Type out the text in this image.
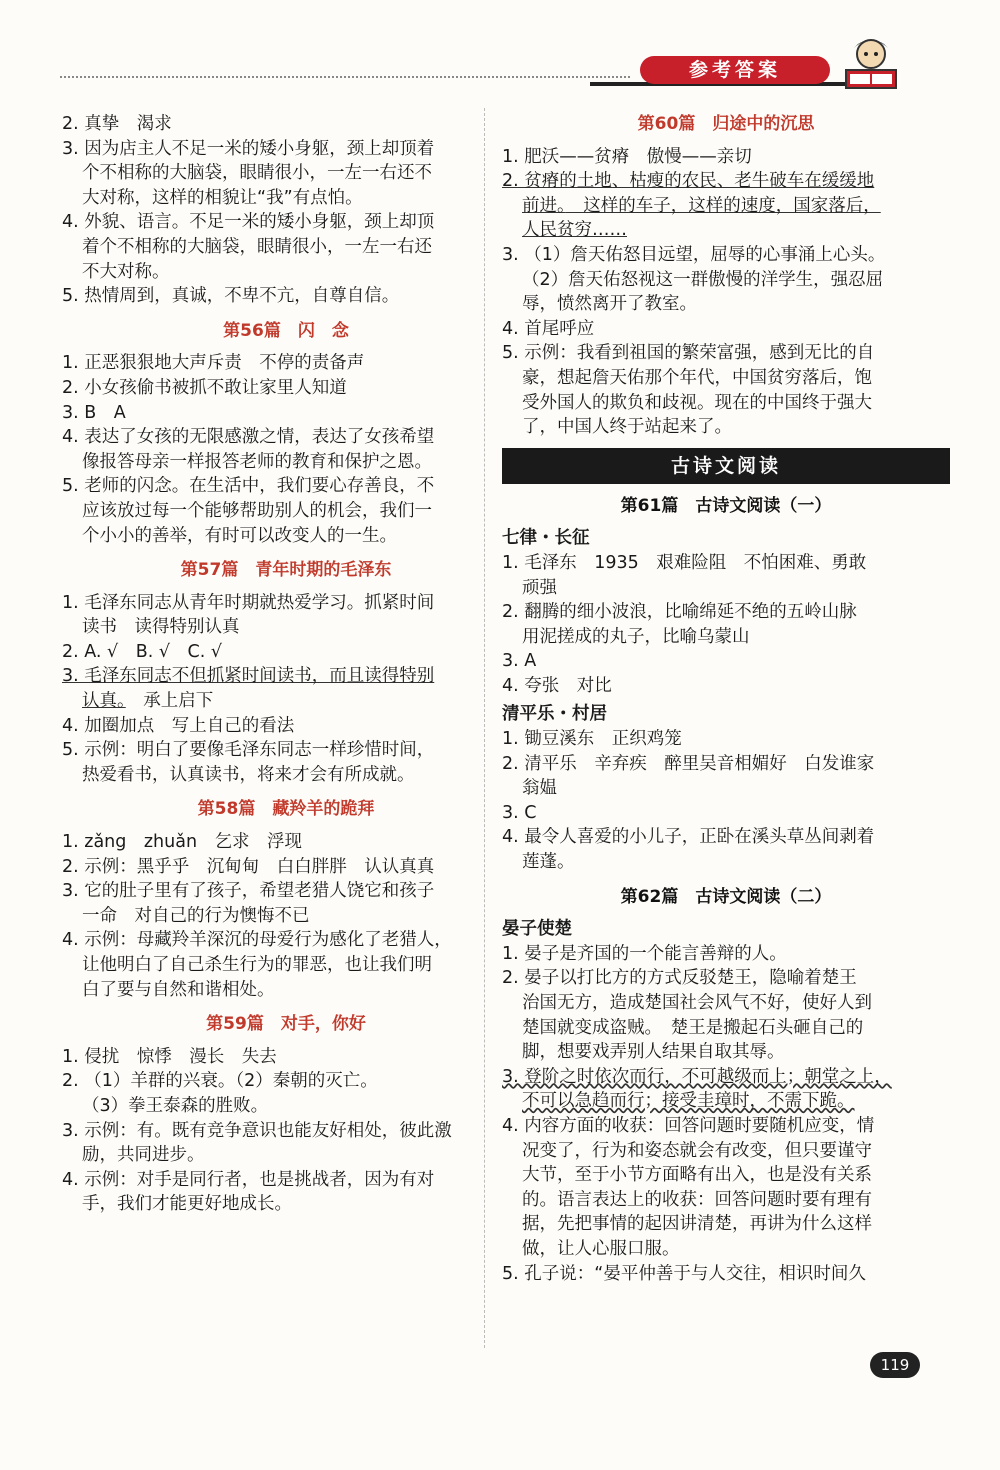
参考答案
2. 真挚　渴求
3. 因为店主人不足一米的矮小身躯，颈上却顶着
个不相称的大脑袋，眼睛很小，一左一右还不
大对称，这样的相貌让“我”有点怕。
4. 外貌、语言。不足一米的矮小身躯，颈上却顶
着个不相称的大脑袋，眼睛很小，一左一右还
不大对称。
5. 热情周到，真诚，不卑不亢，自尊自信。
第56篇　闪　念
1. 正恶狠狠地大声斥责　不停的责备声
2. 小女孩偷书被抓不敢让家里人知道
3. B　A
4. 表达了女孩的无限感激之情，表达了女孩希望
像报答母亲一样报答老师的教育和保护之恩。
5. 老师的闪念。在生活中，我们要心存善良，不
应该放过每一个能够帮助别人的机会，我们一
个小小的善举，有时可以改变人的一生。
第57篇　青年时期的毛泽东
1. 毛泽东同志从青年时期就热爱学习。抓紧时间
读书　读得特别认真
2. A. √　B. √　C. √
3. 毛泽东同志不但抓紧时间读书，而且读得特别
认真。　承上启下
4. 加圈加点　写上自己的看法
5. 示例：明白了要像毛泽东同志一样珍惜时间，
热爱看书，认真读书，将来才会有所成就。
第58篇　藏羚羊的跪拜
1. zǎng　zhuǎn　乞求　浮现
2. 示例：黑乎乎　沉甸甸　白白胖胖　认认真真
3. 它的肚子里有了孩子，希望老猎人饶它和孩子
一命　对自己的行为懊悔不已
4. 示例：母藏羚羊深沉的母爱行为感化了老猎人，
让他明白了自己杀生行为的罪恶，也让我们明
白了要与自然和谐相处。
第59篇　对手，你好
1. 侵扰　惊悸　漫长　失去
2. （1）羊群的兴衰。（2）秦朝的灭亡。
（3）拳王泰森的胜败。
3. 示例：有。既有竞争意识也能友好相处，彼此激
励，共同进步。
4. 示例：对手是同行者，也是挑战者，因为有对
手，我们才能更好地成长。
第60篇　归途中的沉思
1. 肥沃——贫瘠　傲慢——亲切
2. 贫瘠的土地、枯瘦的农民、老牛破车在缓缓地
前进。　这样的车子，这样的速度，国家落后，
人民贫穷……
3. （1）詹天佑怒目远望，屈辱的心事涌上心头。
（2）詹天佑怒视这一群傲慢的洋学生，强忍屈
辱，愤然离开了教室。
4. 首尾呼应
5. 示例：我看到祖国的繁荣富强，感到无比的自
豪，想起詹天佑那个年代，中国贫穷落后，饱
受外国人的欺负和歧视。现在的中国终于强大
了，中国人终于站起来了。
古诗文阅读
第61篇　古诗文阅读（一）
七律・长征
1. 毛泽东　1935　艰难险阻　不怕困难、勇敢
顽强
2. 翻腾的细小波浪，比喻绵延不绝的五岭山脉
用泥搓成的丸子，比喻乌蒙山
3. A
4. 夸张　对比
清平乐・村居
1. 锄豆溪东　正织鸡笼
2. 清平乐　辛弃疾　醉里吴音相媚好　白发谁家
翁媪
3. C
4. 最令人喜爱的小儿子，正卧在溪头草丛间剥着
莲蓬。
第62篇　古诗文阅读（二）
晏子使楚
1. 晏子是齐国的一个能言善辩的人。
2. 晏子以打比方的方式反驳楚王，隐喻着楚王
治国无方，造成楚国社会风气不好，使好人到
楚国就变成盗贼。　楚王是搬起石头砸自己的
脚，想要戏弄别人结果自取其辱。
3. 登阶之时依次而行，不可越级而上；朝堂之上，
不可以急趋而行；接受圭璋时，不需下跪。
4. 内容方面的收获：回答问题时要随机应变，情
况变了，行为和姿态就会有改变，但只要谨守
大节，至于小节方面略有出入，也是没有关系
的。语言表达上的收获：回答问题时要有理有
据，先把事情的起因讲清楚，再讲为什么这样
做，让人心服口服。
5. 孔子说：“晏平仲善于与人交往，相识时间久
119
